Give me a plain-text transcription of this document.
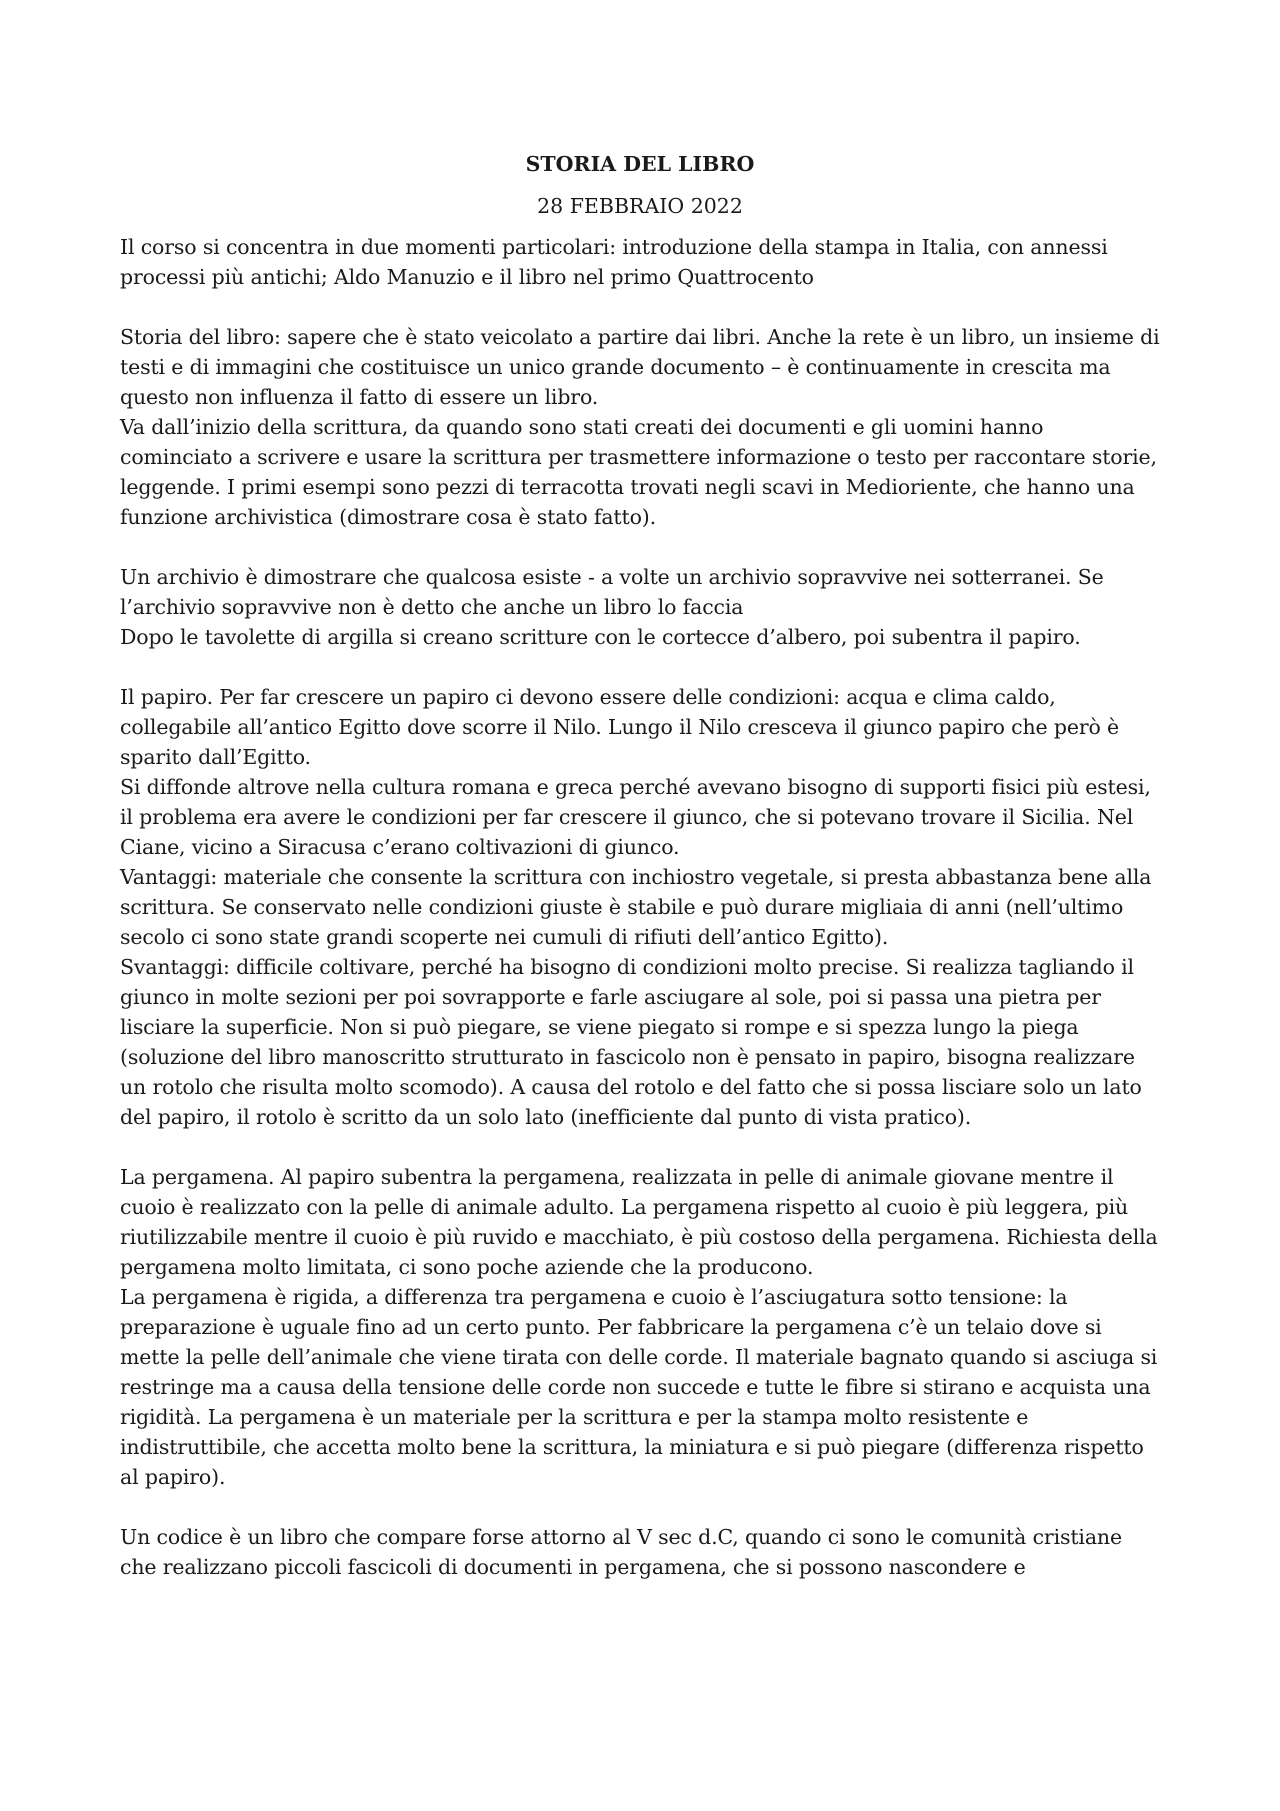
STORIA DEL LIBRO

28 FEBBRAIO 2022

Il corso si concentra in due momenti particolari: introduzione della stampa in Italia, con annessi processi più antichi; Aldo Manuzio e il libro nel primo Quattrocento

Storia del libro: sapere che è stato veicolato a partire dai libri. Anche la rete è un libro, un insieme di testi e di immagini che costituisce un unico grande documento – è continuamente in crescita ma questo non influenza il fatto di essere un libro.

Va dall’inizio della scrittura, da quando sono stati creati dei documenti e gli uomini hanno cominciato a scrivere e usare la scrittura per trasmettere informazione o testo per raccontare storie, leggende. I primi esempi sono pezzi di terracotta trovati negli scavi in Medioriente, che hanno una funzione archivistica (dimostrare cosa è stato fatto).

Un archivio è dimostrare che qualcosa esiste - a volte un archivio sopravvive nei sotterranei. Se l’archivio sopravvive non è detto che anche un libro lo faccia

Dopo le tavolette di argilla si creano scritture con le cortecce d’albero, poi subentra il papiro.

Il papiro. Per far crescere un papiro ci devono essere delle condizioni: acqua e clima caldo, collegabile all’antico Egitto dove scorre il Nilo. Lungo il Nilo cresceva il giunco papiro che però è sparito dall’Egitto.

Si diffonde altrove nella cultura romana e greca perché avevano bisogno di supporti fisici più estesi, il problema era avere le condizioni per far crescere il giunco, che si potevano trovare il Sicilia. Nel Ciane, vicino a Siracusa c’erano coltivazioni di giunco.

Vantaggi: materiale che consente la scrittura con inchiostro vegetale, si presta abbastanza bene alla scrittura. Se conservato nelle condizioni giuste è stabile e può durare migliaia di anni (nell’ultimo secolo ci sono state grandi scoperte nei cumuli di rifiuti dell’antico Egitto).

Svantaggi: difficile coltivare, perché ha bisogno di condizioni molto precise. Si realizza tagliando il giunco in molte sezioni per poi sovrapporte e farle asciugare al sole, poi si passa una pietra per lisciare la superficie. Non si può piegare, se viene piegato si rompe e si spezza lungo la piega (soluzione del libro manoscritto strutturato in fascicolo non è pensato in papiro, bisogna realizzare un rotolo che risulta molto scomodo). A causa del rotolo e del fatto che si possa lisciare solo un lato del papiro, il rotolo è scritto da un solo lato (inefficiente dal punto di vista pratico).

La pergamena. Al papiro subentra la pergamena, realizzata in pelle di animale giovane mentre il cuoio è realizzato con la pelle di animale adulto. La pergamena rispetto al cuoio è più leggera, più riutilizzabile mentre il cuoio è più ruvido e macchiato, è più costoso della pergamena. Richiesta della pergamena molto limitata, ci sono poche aziende che la producono.

La pergamena è rigida, a differenza tra pergamena e cuoio è l’asciugatura sotto tensione: la preparazione è uguale fino ad un certo punto. Per fabbricare la pergamena c’è un telaio dove si mette la pelle dell’animale che viene tirata con delle corde. Il materiale bagnato quando si asciuga si restringe ma a causa della tensione delle corde non succede e tutte le fibre si stirano e acquista una rigidità. La pergamena è un materiale per la scrittura e per la stampa molto resistente e indistruttibile, che accetta molto bene la scrittura, la miniatura e si può piegare (differenza rispetto al papiro).

Un codice è un libro che compare forse attorno al V sec d.C, quando ci sono le comunità cristiane che realizzano piccoli fascicoli di documenti in pergamena, che si possono nascondere e
